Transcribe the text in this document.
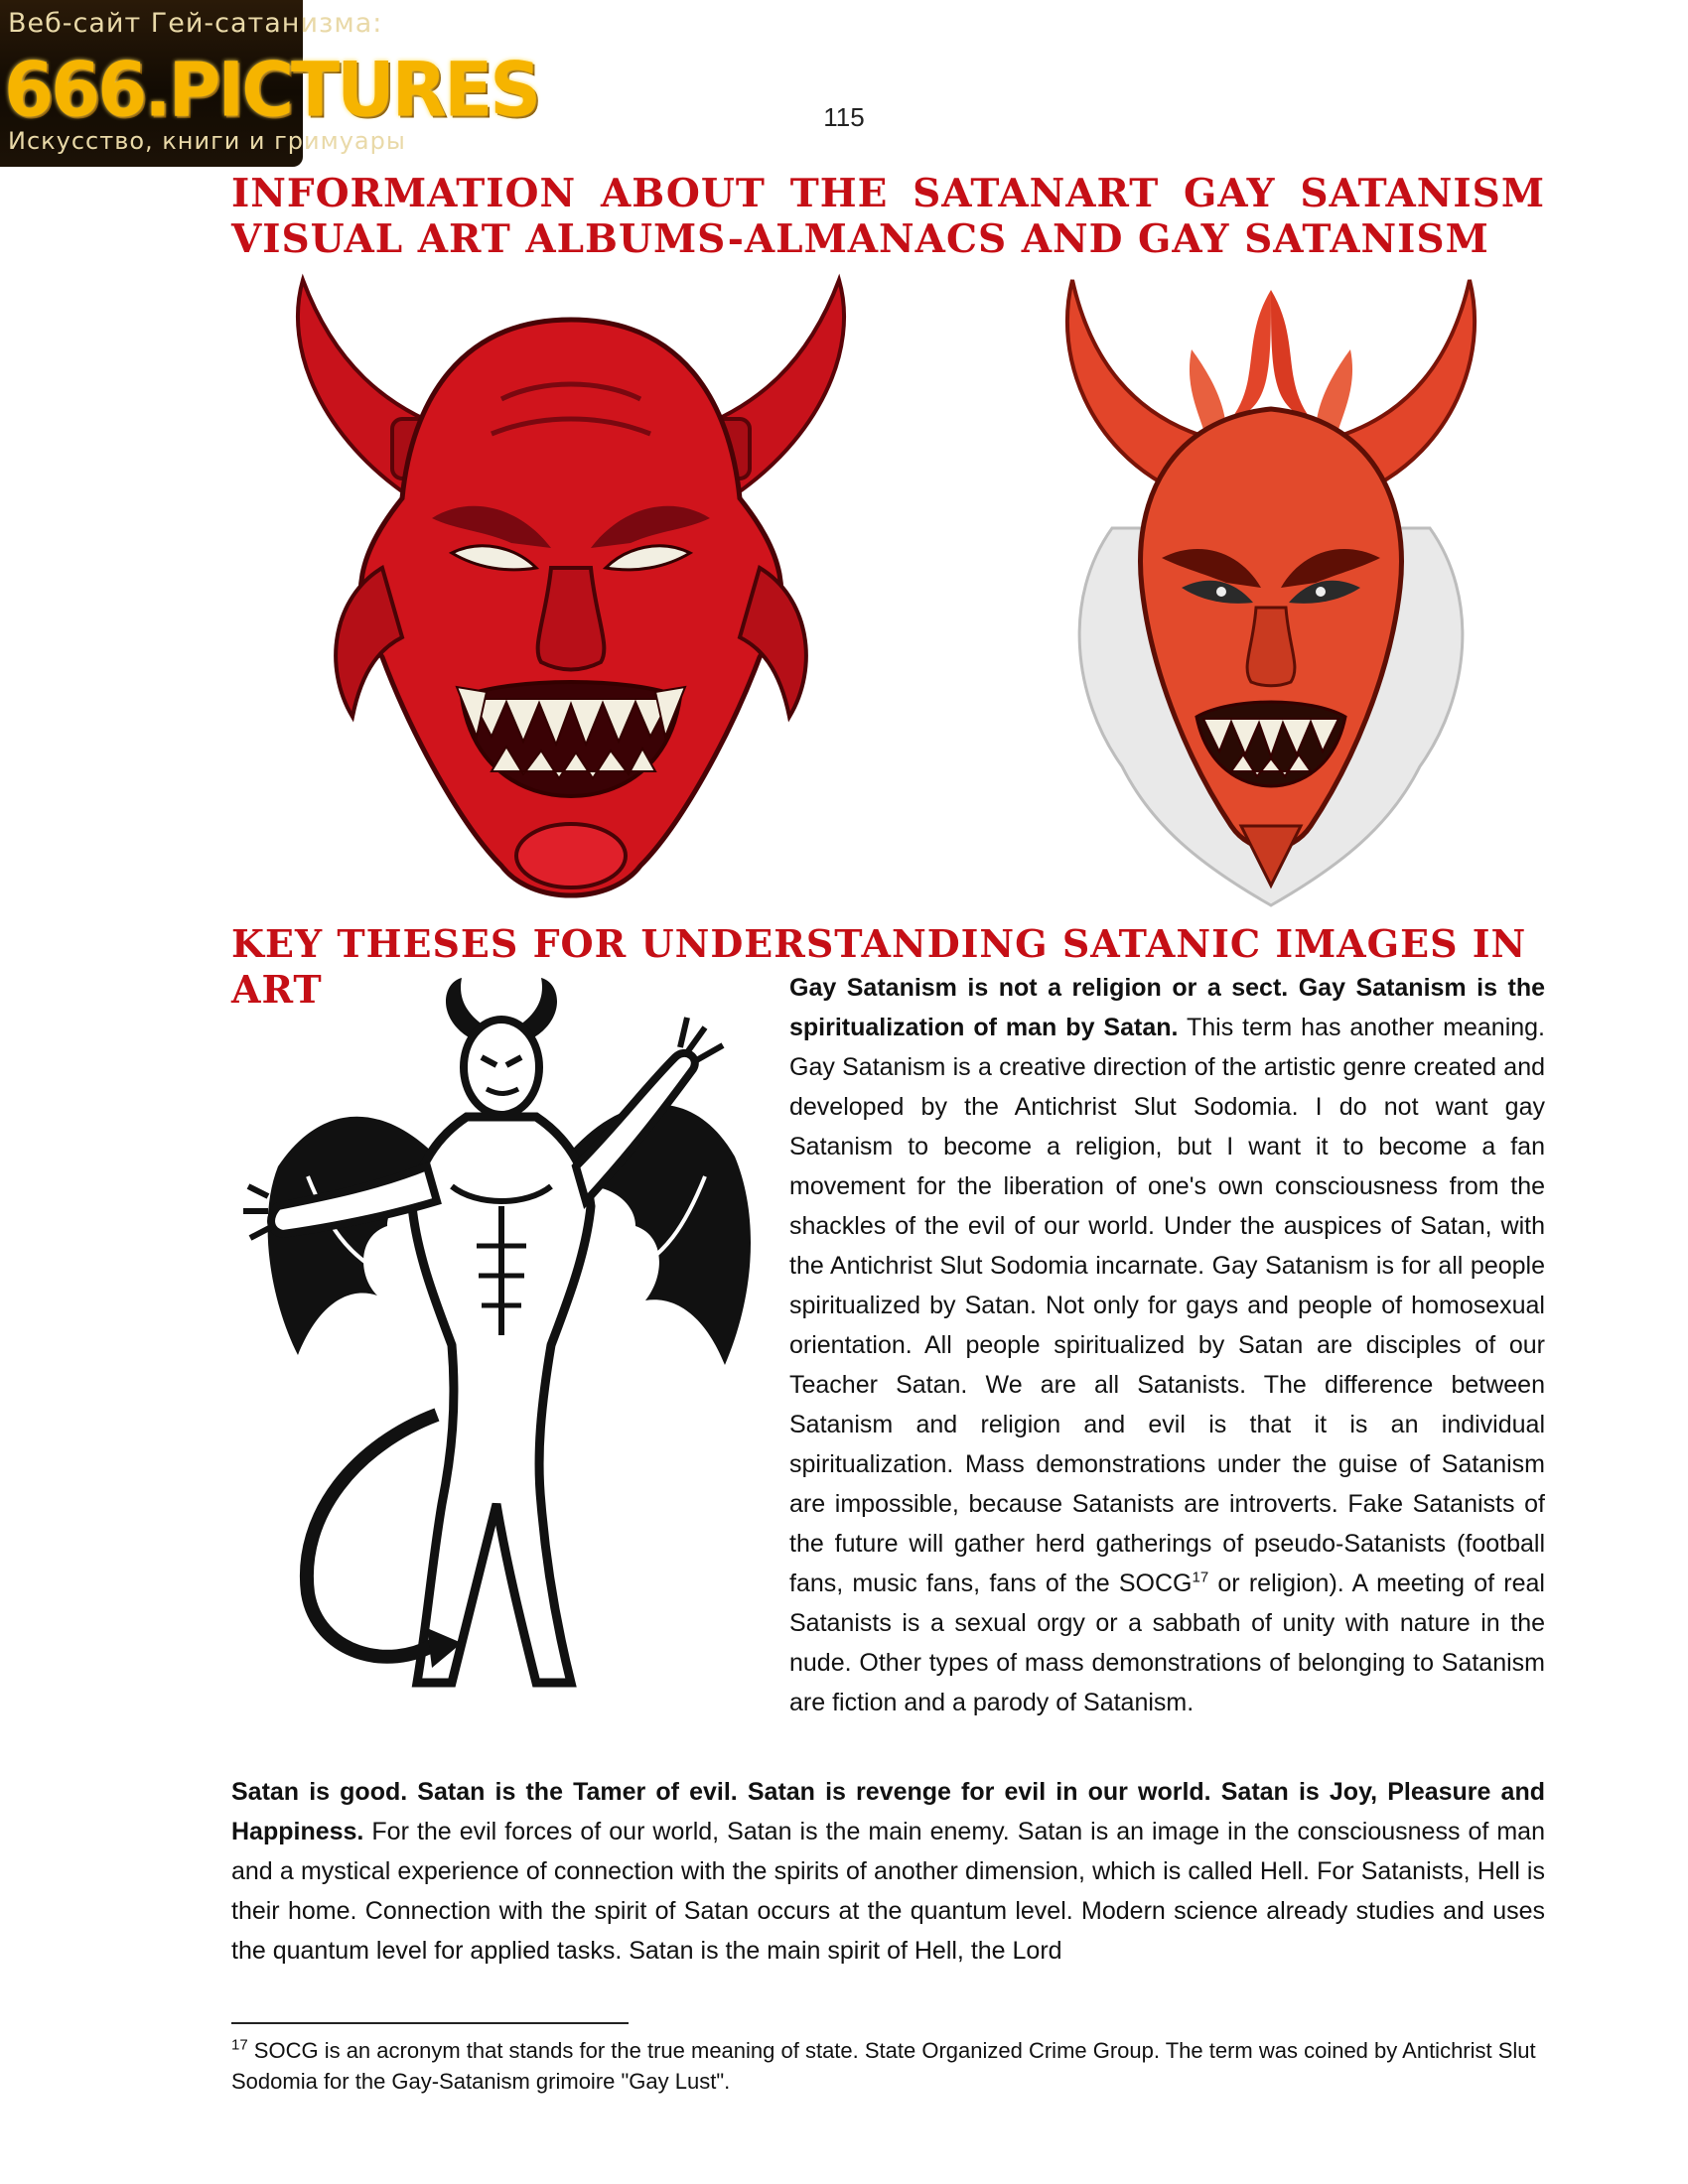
Веб-сайт Гей-сатанизма:
666.PICTURES
Искусство, книги и гримуары
115
INFORMATION ABOUT THE SATANART GAY SATANISM VISUAL ART ALBUMS-ALMANACS AND GAY SATANISM
KEY THESES FOR UNDERSTANDING SATANIC IMAGES IN ART	Gay Satanism is not a religion or a sect. Gay Satanism is the spiritualization of man by Satan. This term has another meaning. Gay Satanism is a creative direction of the artistic genre created and developed by the Antichrist Slut Sodomia. I do not want gay Satanism to become a religion, but I want it to become a fan movement for the liberation of one's own consciousness from the shackles of the evil of our world. Under the auspices of Satan, with the Antichrist Slut Sodomia incarnate. Gay Satanism is for all people spiritualized by Satan. Not only for gays and people of homosexual orientation. All people spiritualized by Satan are disciples of our Teacher Satan. We are all Satanists. The difference between Satanism and religion and evil is that it is an individual spiritualization. Mass demonstrations under the guise of Satanism are impossible, because Satanists are introverts. Fake Satanists of the future will gather herd gatherings of pseudo-Satanists (football fans, music fans, fans of the SOCG$^{17}$ or religion). A meeting of real Satanists is a sexual orgy or a sabbath of unity with nature in the nude. Other types of mass demonstrations of belonging to Satanism are fiction and a parody of Satanism.
Satan is good. Satan is the Tamer of evil. Satan is revenge for evil in our world. Satan is Joy, Pleasure and Happiness. For the evil forces of our world, Satan is the main enemy. Satan is an image in the consciousness of man and a mystical experience of connection with the spirits of another dimension, which is called Hell. For Satanists, Hell is their home. Connection with the spirit of Satan occurs at the quantum level. Modern science already studies and uses the quantum level for applied tasks. Satan is the main spirit of Hell, the Lord
$^{17}$ SOCG is an acronym that stands for the true meaning of state. State Organized Crime Group. The term was coined by Antichrist Slut Sodomia for the Gay-Satanism grimoire "Gay Lust".
